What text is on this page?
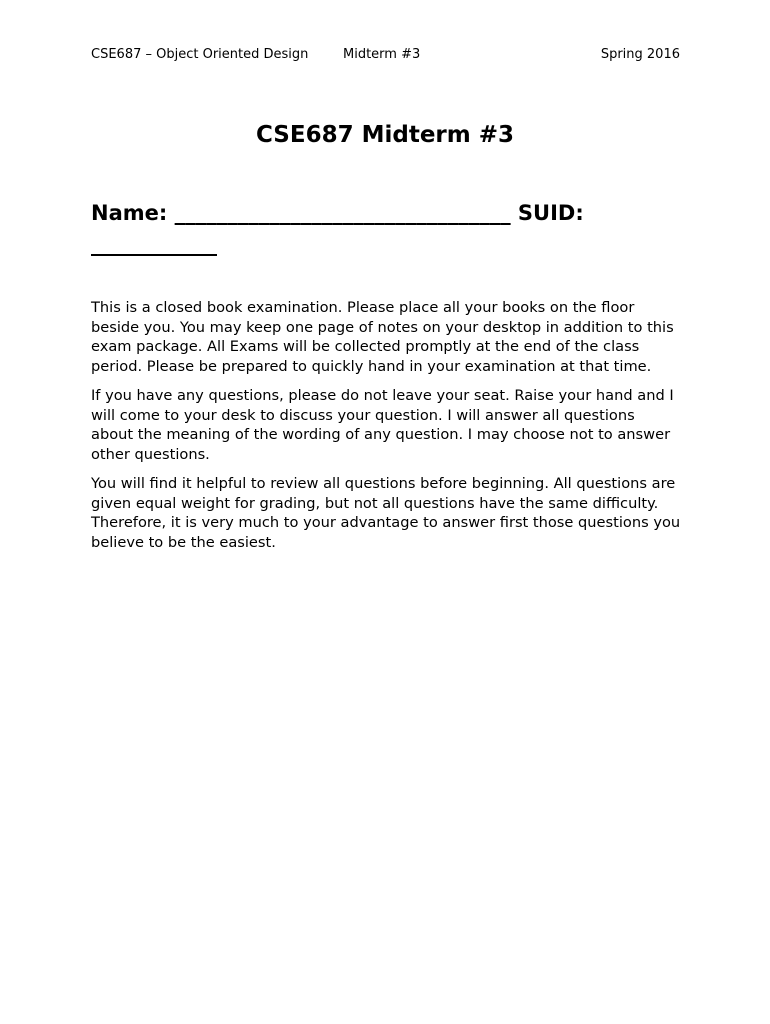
CSE687 – Object Oriented Design	Midterm #3	Spring 2016
CSE687 Midterm #3

Name: ________________________________ SUID: ____________

This is a closed book examination. Please place all your books on the floor beside you. You may keep one page of notes on your desktop in addition to this exam package. All Exams will be collected promptly at the end of the class period. Please be prepared to quickly hand in your examination at that time.

If you have any questions, please do not leave your seat. Raise your hand and I will come to your desk to discuss your question. I will answer all questions about the meaning of the wording of any question. I may choose not to answer other questions.

You will find it helpful to review all questions before beginning. All questions are given equal weight for grading, but not all questions have the same difficulty. Therefore, it is very much to your advantage to answer first those questions you believe to be the easiest.
